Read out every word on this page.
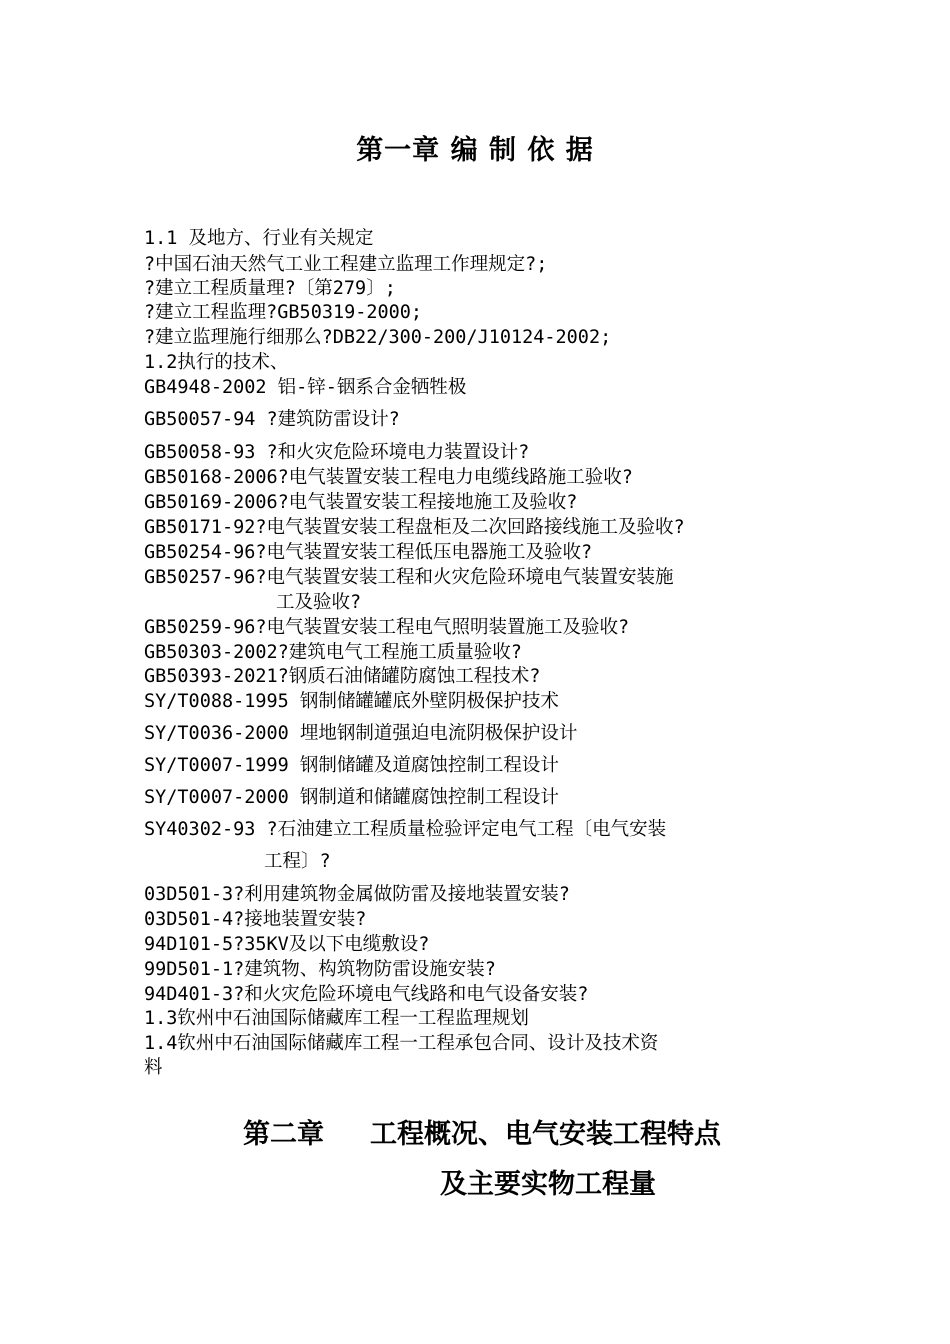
第一章 编 制 依 据
1.1 及地方、行业有关规定
?中国石油天然气工业工程建立监理工作理规定?;
?建立工程质量理?〔第279〕;
?建立工程监理?GB50319-2000;
?建立监理施行细那么?DB22/300-200/J10124-2002;
1.2执行的技术、
GB4948-2002 铝-锌-铟系合金牺牲极
GB50057-94 ?建筑防雷设计?
GB50058-93 ?和火灾危险环境电力装置设计?
GB50168-2006?电气装置安装工程电力电缆线路施工验收?
GB50169-2006?电气装置安装工程接地施工及验收?
GB50171-92?电气装置安装工程盘柜及二次回路接线施工及验收?
GB50254-96?电气装置安装工程低压电器施工及验收?
GB50257-96?电气装置安装工程和火灾危险环境电气装置安装施
工及验收?
GB50259-96?电气装置安装工程电气照明装置施工及验收?
GB50303-2002?建筑电气工程施工质量验收?
GB50393-2021?钢质石油储罐防腐蚀工程技术?
SY/T0088-1995 钢制储罐罐底外壁阴极保护技术
SY/T0036-2000 埋地钢制道强迫电流阴极保护设计
SY/T0007-1999 钢制储罐及道腐蚀控制工程设计
SY/T0007-2000 钢制道和储罐腐蚀控制工程设计
SY40302-93 ?石油建立工程质量检验评定电气工程〔电气安装
工程〕?
03D501-3?利用建筑物金属做防雷及接地装置安装?
03D501-4?接地装置安装?
94D101-5?35KV及以下电缆敷设?
99D501-1?建筑物、构筑物防雷设施安装?
94D401-3?和火灾危险环境电气线路和电气设备安装?
1.3钦州中石油国际储藏库工程一工程监理规划
1.4钦州中石油国际储藏库工程一工程承包合同、设计及技术资
料
第二章 工程概况、电气安装工程特点
及主要实物工程量
